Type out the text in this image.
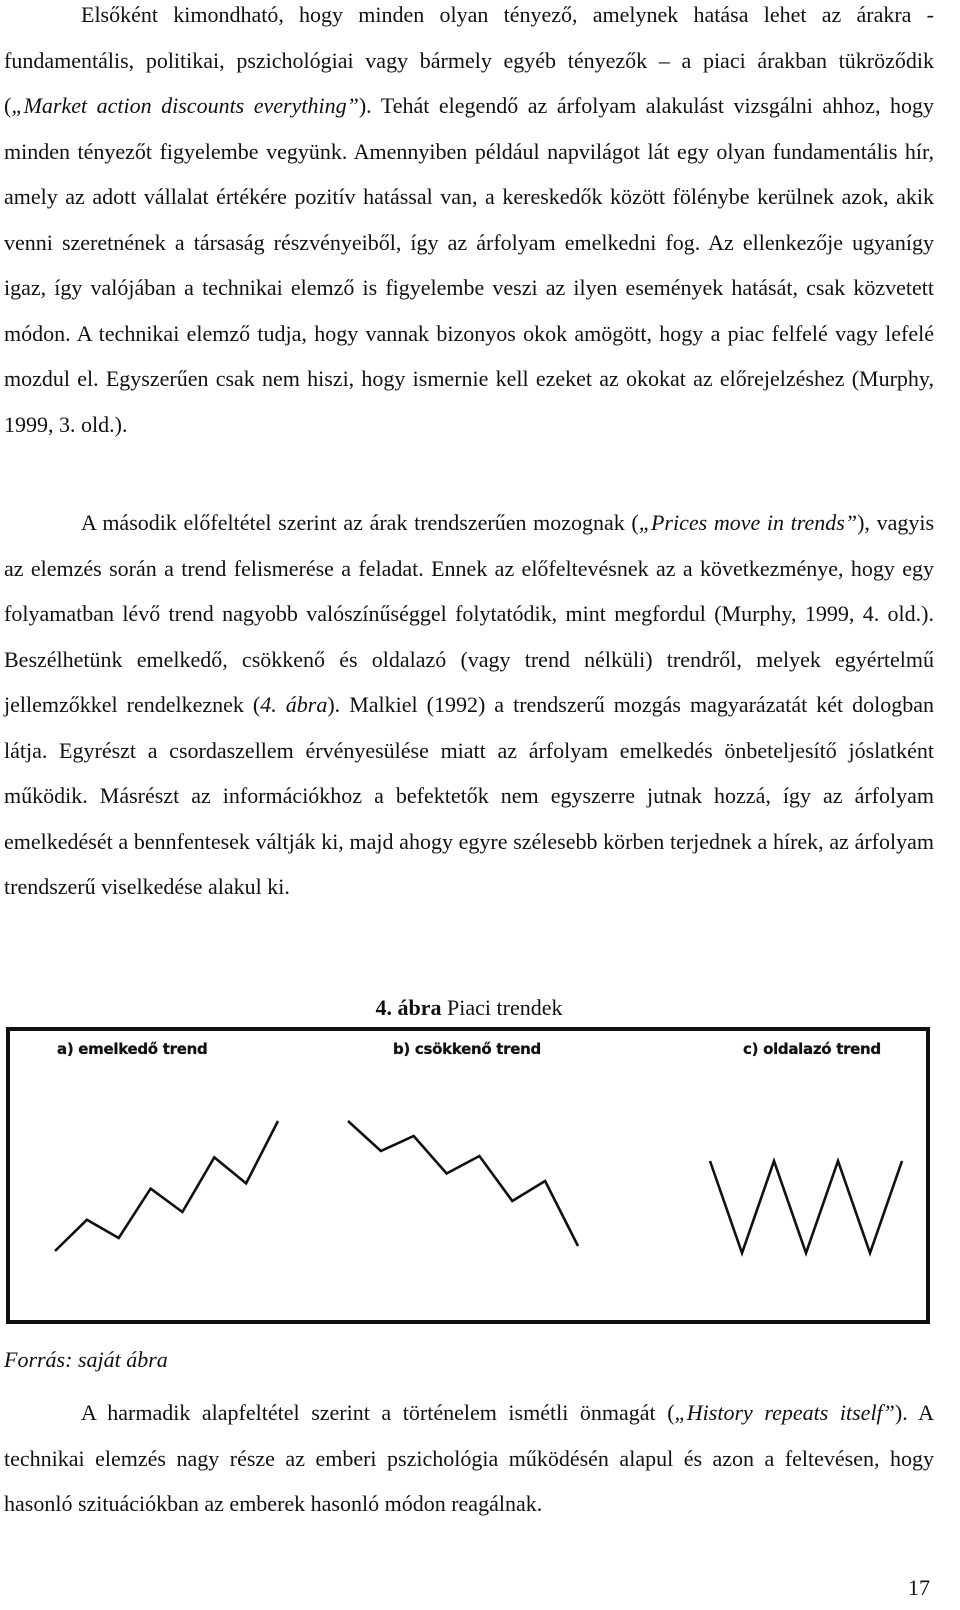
Elsőként kimondható, hogy minden olyan tényező, amelynek hatása lehet az árakra - fundamentális, politikai, pszichológiai vagy bármely egyéb tényezők – a piaci árakban tükröződik („Market action discounts everything”). Tehát elegendő az árfolyam alakulást vizsgálni ahhoz, hogy minden tényezőt figyelembe vegyünk. Amennyiben például napvilágot lát egy olyan fundamentális hír, amely az adott vállalat értékére pozitív hatással van, a kereskedők között fölénybe kerülnek azok, akik venni szeretnének a társaság részvényeiből, így az árfolyam emelkedni fog. Az ellenkezője ugyanígy igaz, így valójában a technikai elemző is figyelembe veszi az ilyen események hatását, csak közvetett módon. A technikai elemző tudja, hogy vannak bizonyos okok amögött, hogy a piac felfelé vagy lefelé mozdul el. Egyszerűen csak nem hiszi, hogy ismernie kell ezeket az okokat az előrejelzéshez (Murphy, 1999, 3. old.).

A második előfeltétel szerint az árak trendszerűen mozognak („Prices move in trends”), vagyis az elemzés során a trend felismerése a feladat. Ennek az előfeltevésnek az a következménye, hogy egy folyamatban lévő trend nagyobb valószínűséggel folytatódik, mint megfordul (Murphy, 1999, 4. old.). Beszélhetünk emelkedő, csökkenő és oldalazó (vagy trend nélküli) trendről, melyek egyértelmű jellemzőkkel rendelkeznek (4. ábra). Malkiel (1992) a trendszerű mozgás magyarázatát két dologban látja. Egyrészt a csordaszellem érvényesülése miatt az árfolyam emelkedés önbeteljesítő jóslatként működik. Másrészt az információkhoz a befektetők nem egyszerre jutnak hozzá, így az árfolyam emelkedését a bennfentesek váltják ki, majd ahogy egyre szélesebb körben terjednek a hírek, az árfolyam trendszerű viselkedése alakul ki.

4. ábra Piaci trendek
a) emelkedő trend	b) csökkenő trend	c) oldalazó trend
Forrás: saját ábra

A harmadik alapfeltétel szerint a történelem ismétli önmagát („History repeats itself”). A technikai elemzés nagy része az emberi pszichológia működésén alapul és azon a feltevésen, hogy hasonló szituációkban az emberek hasonló módon reagálnak.

17
